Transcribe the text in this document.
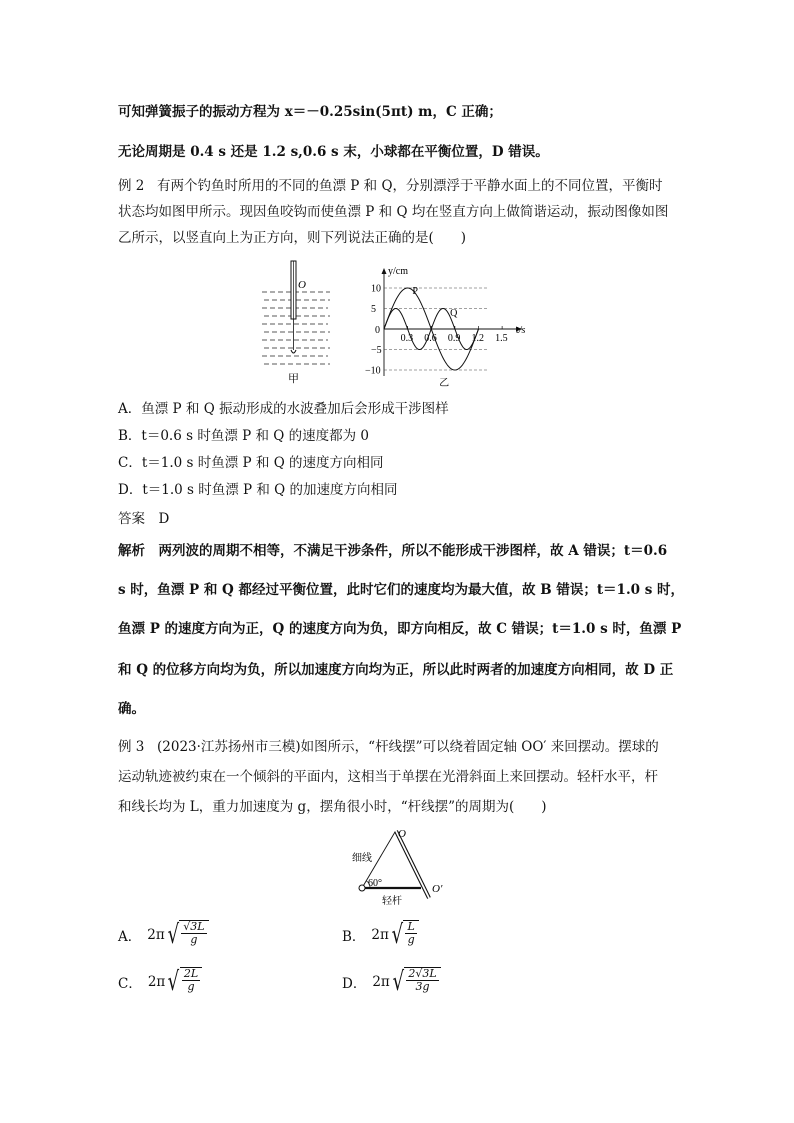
可知弹簧振子的振动方程为 x＝－0.25sin(5πt) m，C 正确；
无论周期是 0.4 s 还是 1.2 s,0.6 s 末，小球都在平衡位置，D 错误。
例 2 有两个钓鱼时所用的不同的鱼漂 P 和 Q，分别漂浮于平静水面上的不同位置，平衡时
状态均如图甲所示。现因鱼咬钩而使鱼漂 P 和 Q 均在竖直方向上做简谐运动，振动图像如图
乙所示，以竖直向上为正方向，则下列说法正确的是(　　)
O
甲
y/cm
t/s
0
10
5
−5
−10
0.3 0.6 0.9 1.2 1.5
P
Q
乙
A．鱼漂 P 和 Q 振动形成的水波叠加后会形成干涉图样
B．t＝0.6 s 时鱼漂 P 和 Q 的速度都为 0
C．t＝1.0 s 时鱼漂 P 和 Q 的速度方向相同
D．t＝1.0 s 时鱼漂 P 和 Q 的加速度方向相同
答案　D
解析　两列波的周期不相等，不满足干涉条件，所以不能形成干涉图样，故 A 错误；t＝0.6
s 时，鱼漂 P 和 Q 都经过平衡位置，此时它们的速度均为最大值，故 B 错误；t＝1.0 s 时，
鱼漂 P 的速度方向为正，Q 的速度方向为负，即方向相反，故 C 错误；t＝1.0 s 时，鱼漂 P
和 Q 的位移方向均为负，所以加速度方向均为正，所以此时两者的加速度方向相同，故 D 正
确。
例 3 (2023·江苏扬州市三模)如图所示，“杆线摆”可以绕着固定轴 OO′ 来回摆动。摆球的
运动轨迹被约束在一个倾斜的平面内，这相当于单摆在光滑斜面上来回摆动。轻杆水平，杆
和线长均为 L，重力加速度为 g，摆角很小时，“杆线摆”的周期为(　　)
O
O′
细线
60°
轻杆
A． 2π √ $\frac{√3L}{g}$	B． 2π √ $\frac{L}{g}$
C． 2π √ $\frac{2L}{g}$	D． 2π √ $\frac{2√3L}{3g}$
